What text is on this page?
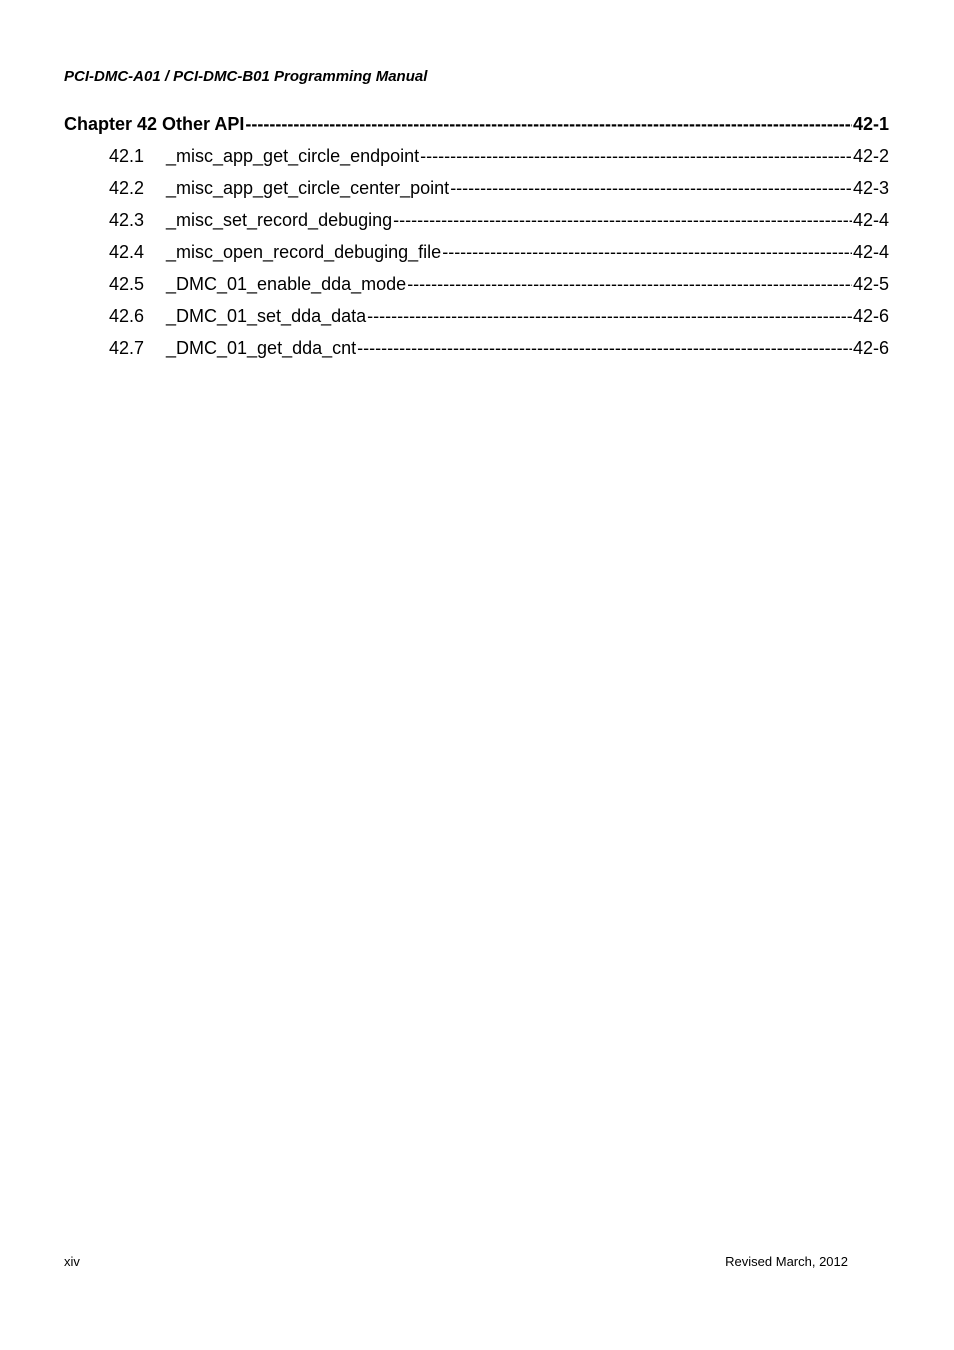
PCI-DMC-A01 / PCI-DMC-B01 Programming Manual
Chapter 42 Other API -----	42-1
42.1	_misc_app_get_circle_endpoint -----	42-2
42.2	_misc_app_get_circle_center_point -----	42-3
42.3	_misc_set_record_debuging -----	42-4
42.4	_misc_open_record_debuging_file -----	42-4
42.5	_DMC_01_enable_dda_mode -----	42-5
42.6	_DMC_01_set_dda_data -----	42-6
42.7	_DMC_01_get_dda_cnt -----	42-6
xiv	Revised March, 2012
